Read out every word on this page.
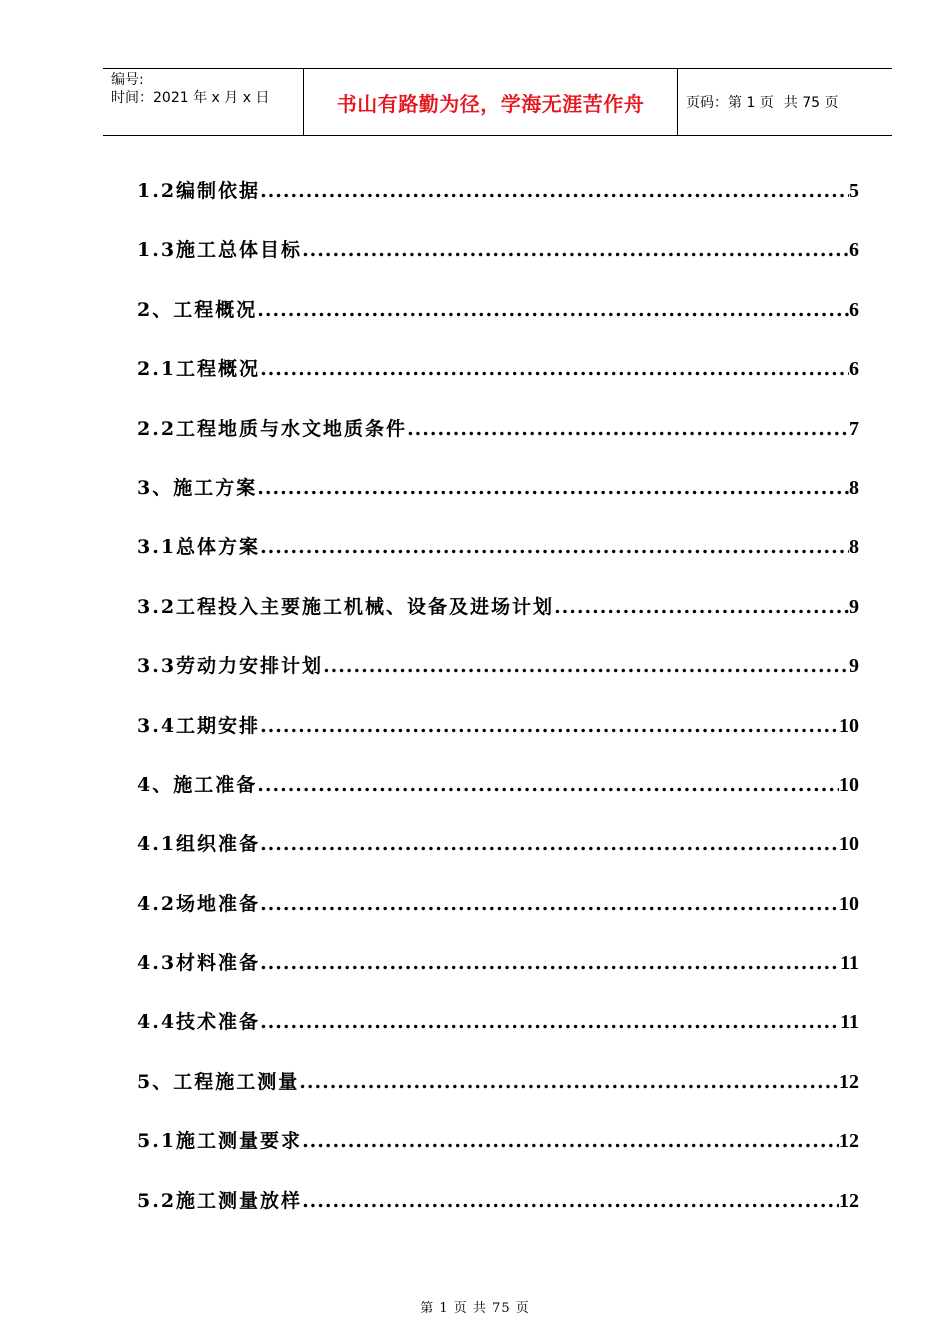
编号:
时间：2021 年 x 月 x 日	书山有路勤为径，学海无涯苦作舟	页码：第 1 页 共 75 页
1.2编制依据 .....	5
1.3施工总体目标 .....	6
2、工程概况 .....	6
2.1工程概况 .....	6
2.2工程地质与水文地质条件 .....	7
3、施工方案 .....	8
3.1总体方案 .....	8
3.2工程投入主要施工机械、设备及进场计划 .....	9
3.3劳动力安排计划 .....	9
3.4工期安排 .....	10
4、施工准备 .....	10
4.1组织准备 .....	10
4.2场地准备 .....	10
4.3材料准备 .....	11
4.4技术准备 .....	11
5、工程施工测量 .....	12
5.1施工测量要求 .....	12
5.2施工测量放样 .....	12
第 1 页 共 75 页
